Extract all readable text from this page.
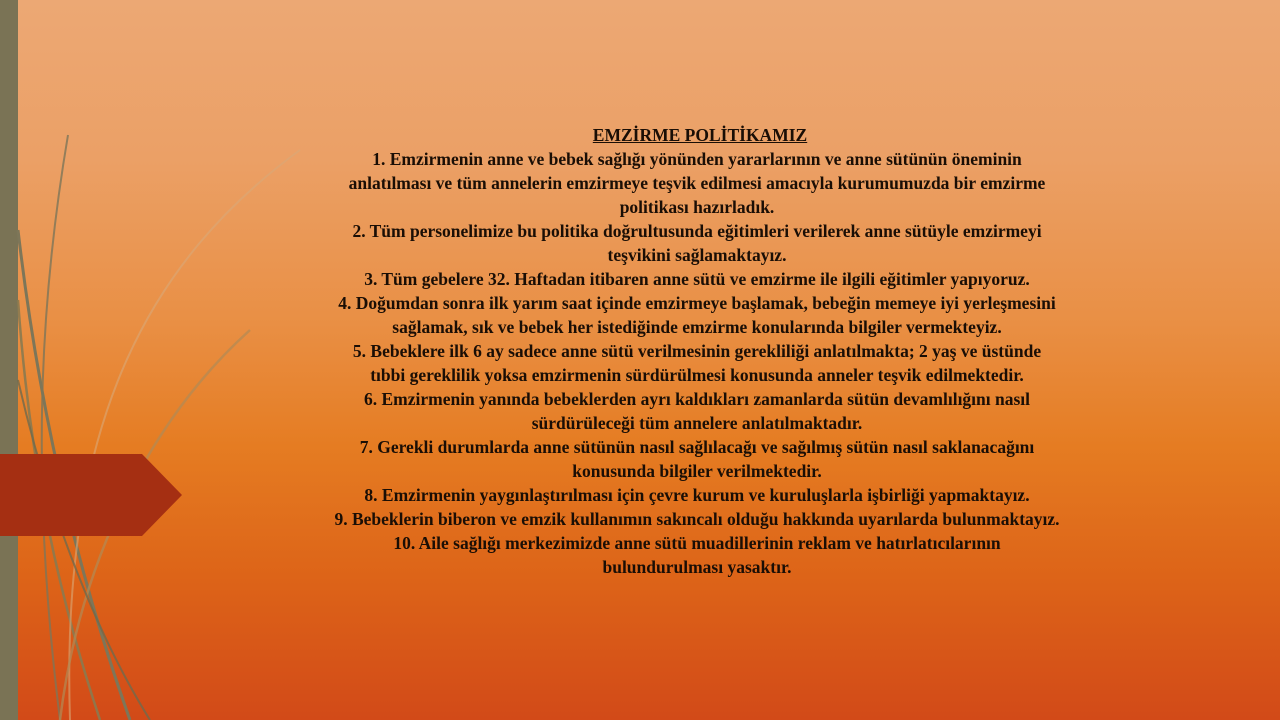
EMZİRME POLİTİKAMIZ
1. Emzirmenin anne ve bebek sağlığı yönünden yararlarının ve anne sütünün öneminin
anlatılması ve tüm annelerin emzirmeye teşvik edilmesi amacıyla kurumumuzda bir emzirme
politikası hazırladık.
2. Tüm personelimize bu politika doğrultusunda eğitimleri verilerek anne sütüyle emzirmeyi
teşvikini sağlamaktayız.
3. Tüm gebelere 32. Haftadan itibaren anne sütü ve emzirme ile ilgili eğitimler yapıyoruz.
4. Doğumdan sonra ilk yarım saat içinde emzirmeye başlamak, bebeğin memeye iyi yerleşmesini
sağlamak, sık ve bebek her istediğinde emzirme konularında bilgiler vermekteyiz.
5. Bebeklere ilk 6 ay sadece anne sütü verilmesinin gerekliliği anlatılmakta; 2 yaş ve üstünde
tıbbi gereklilik yoksa emzirmenin sürdürülmesi konusunda anneler teşvik edilmektedir.
6. Emzirmenin yanında bebeklerden ayrı kaldıkları zamanlarda sütün devamlılığını nasıl
sürdürüleceği tüm annelere anlatılmaktadır.
7. Gerekli durumlarda anne sütünün nasıl sağlılacağı ve sağılmış sütün nasıl saklanacağını
konusunda bilgiler verilmektedir.
8. Emzirmenin yaygınlaştırılması için çevre kurum ve kuruluşlarla işbirliği yapmaktayız.
9. Bebeklerin biberon ve emzik kullanımın sakıncalı olduğu hakkında uyarılarda bulunmaktayız.
10. Aile sağlığı merkezimizde anne sütü muadillerinin reklam ve hatırlatıcılarının
bulundurulması yasaktır.
